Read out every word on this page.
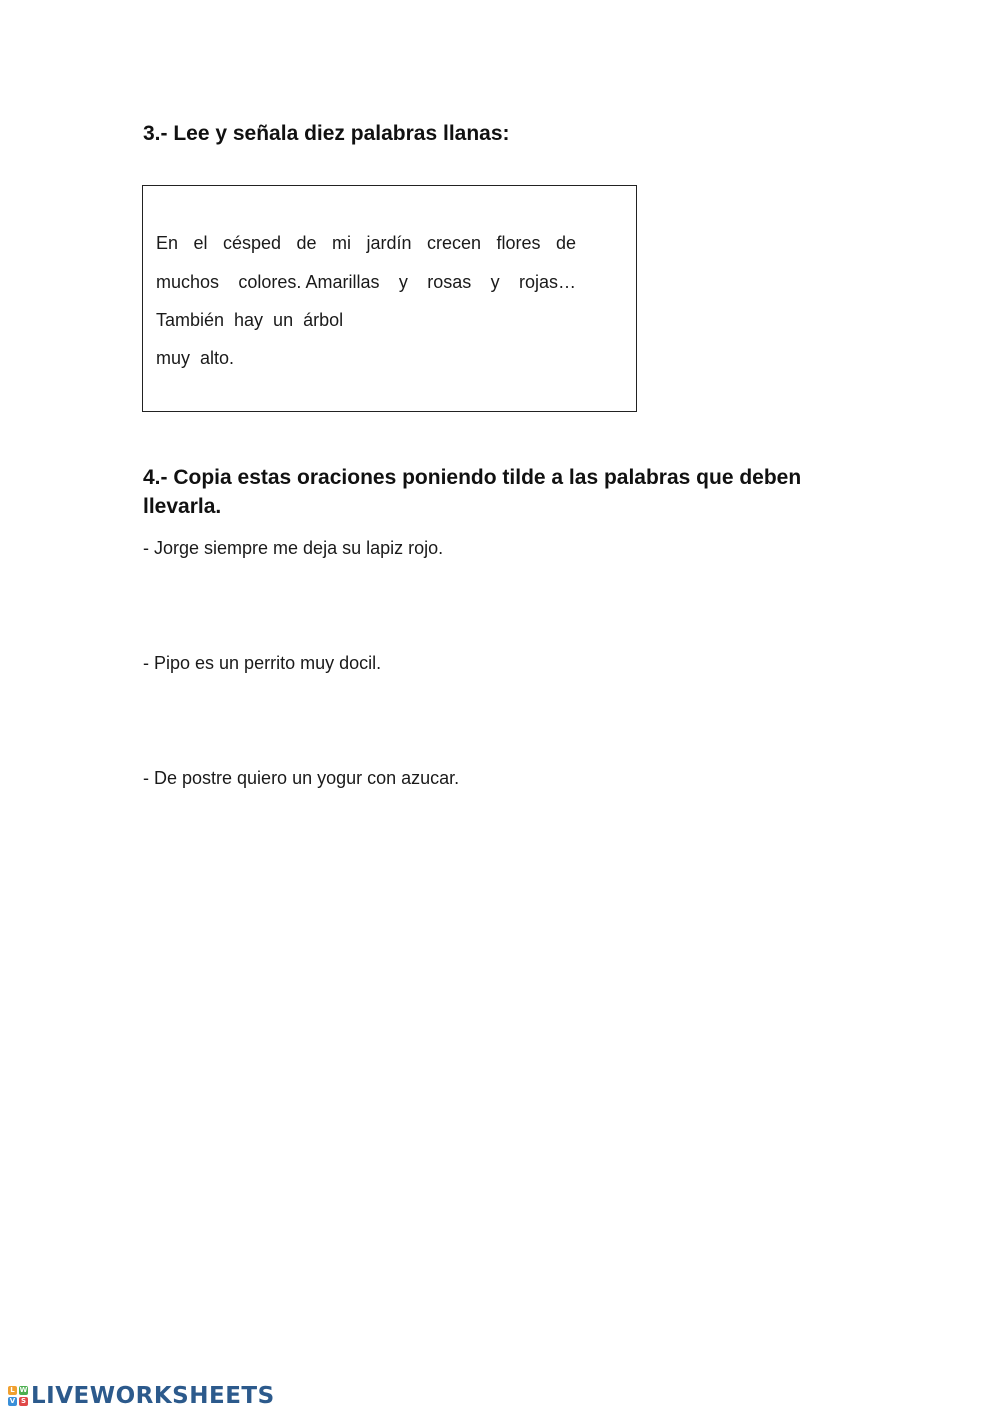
3.- Lee y señala diez palabras llanas:
En el césped de mi jardín crecen flores de
muchos colores. Amarillas y rosas y rojas…
También  hay  un  árbol
muy  alto.
4.- Copia estas oraciones poniendo tilde a las palabras que deben llevarla.
- Jorge siempre me deja su lapiz rojo.
- Pipo es un perrito muy docil.
- De postre quiero un yogur con azucar.
L W
V S LIVEWORKSHEETS
